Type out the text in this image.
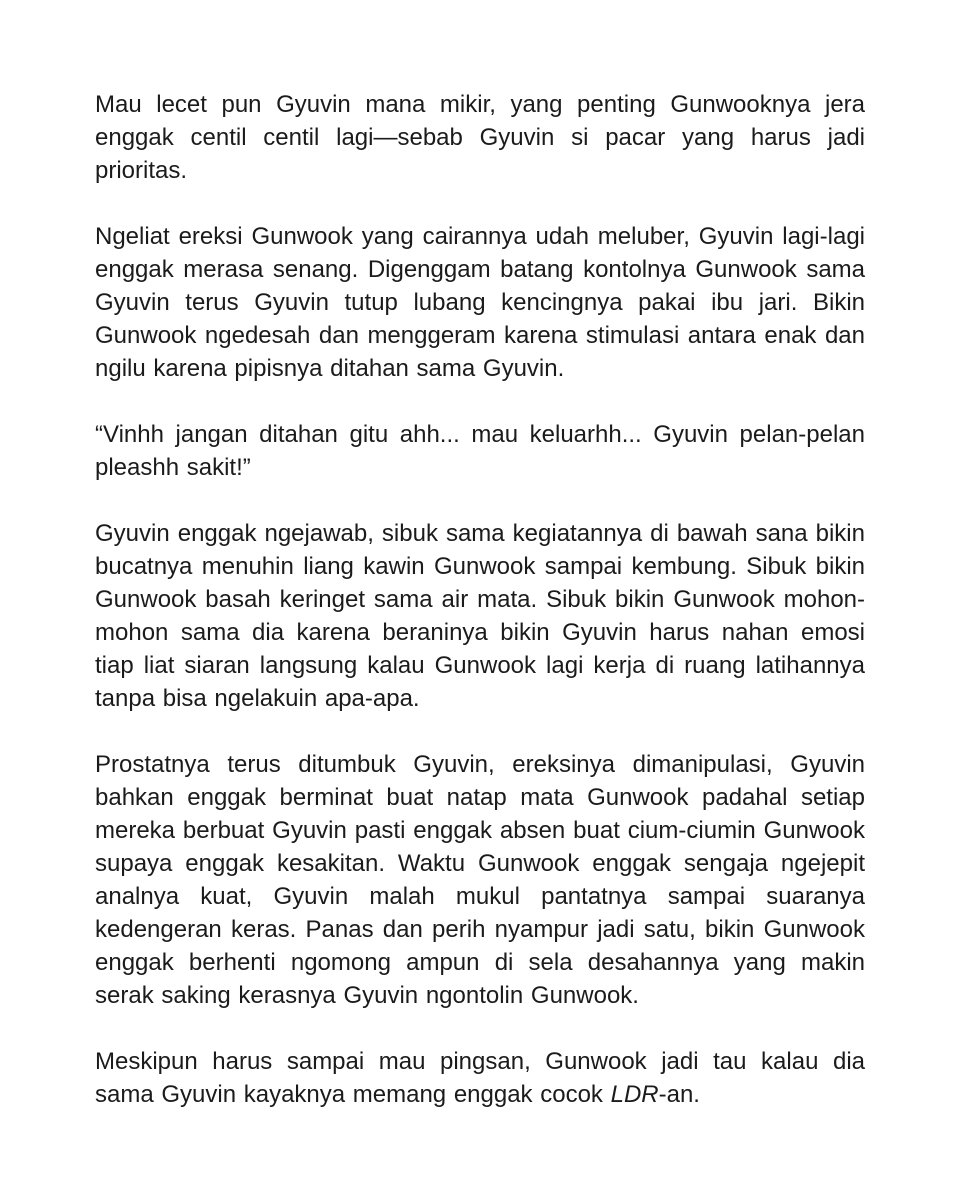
Mau lecet pun Gyuvin mana mikir, yang penting Gunwooknya jera enggak centil centil lagi—sebab Gyuvin si pacar yang harus jadi prioritas.

Ngeliat ereksi Gunwook yang cairannya udah meluber, Gyuvin lagi-lagi enggak merasa senang. Digenggam batang kontolnya Gunwook sama Gyuvin terus Gyuvin tutup lubang kencingnya pakai ibu jari. Bikin Gunwook ngedesah dan menggeram karena stimulasi antara enak dan ngilu karena pipisnya ditahan sama Gyuvin.

“Vinhh jangan ditahan gitu ahh... mau keluarhh... Gyuvin pelan-pelan pleashh sakit!”

Gyuvin enggak ngejawab, sibuk sama kegiatannya di bawah sana bikin bucatnya menuhin liang kawin Gunwook sampai kembung. Sibuk bikin Gunwook basah keringet sama air mata. Sibuk bikin Gunwook mohon-mohon sama dia karena beraninya bikin Gyuvin harus nahan emosi tiap liat siaran langsung kalau Gunwook lagi kerja di ruang latihannya tanpa bisa ngelakuin apa-apa.

Prostatnya terus ditumbuk Gyuvin, ereksinya dimanipulasi, Gyuvin bahkan enggak berminat buat natap mata Gunwook padahal setiap mereka berbuat Gyuvin pasti enggak absen buat cium-ciumin Gunwook supaya enggak kesakitan. Waktu Gunwook enggak sengaja ngejepit analnya kuat, Gyuvin malah mukul pantatnya sampai suaranya kedengeran keras. Panas dan perih nyampur jadi satu, bikin Gunwook enggak berhenti ngomong ampun di sela desahannya yang makin serak saking kerasnya Gyuvin ngontolin Gunwook.

Meskipun harus sampai mau pingsan, Gunwook jadi tau kalau dia sama Gyuvin kayaknya memang enggak cocok LDR-an.
